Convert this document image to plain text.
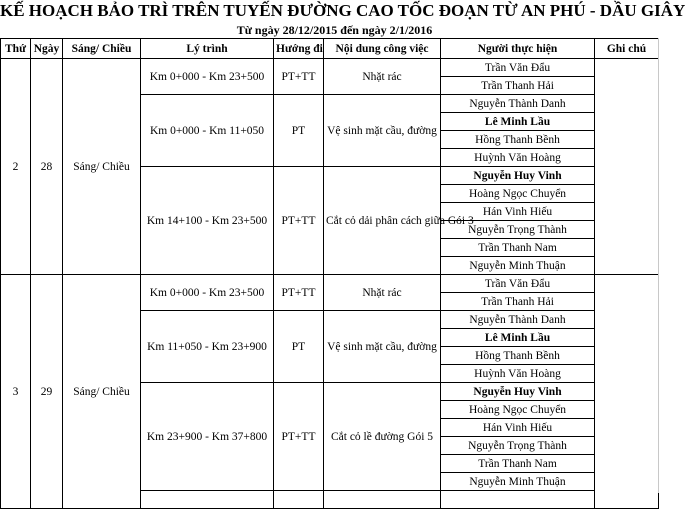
KẾ HOẠCH BẢO TRÌ TRÊN TUYẾN ĐƯỜNG CAO TỐC ĐOẠN TỪ AN PHÚ - DẦU GIÂY
Từ ngày 28/12/2015 đến ngày 2/1/2016
Thứ	Ngày	Sáng/ Chiều	Lý trình	Hướng đi	Nội dung công việc	Người thực hiện	Ghi chú
2	28	Sáng/ Chiều	Km 0+000 - Km 23+500	PT+TT	Nhặt rác	Trần Văn Đẩu	
						Trần Thanh Hải	
			Km 0+000 - Km 11+050	PT	Vệ sinh mặt cầu, đường	Nguyễn Thành Danh	
						Lê Minh Lầu	
						Hồng Thanh Bềnh	
						Huỳnh Văn Hoàng	
			Km 14+100 - Km 23+500	PT+TT	Cắt cỏ dải phân cách giữa Gói 3	Nguyễn Huy Vinh	
						Hoàng Ngọc Chuyển	
						Hán Vinh Hiếu	
						Nguyễn Trọng Thành	
						Trần Thanh Nam	
						Nguyễn Minh Thuận	
3	29	Sáng/ Chiều	Km 0+000 - Km 23+500	PT+TT	Nhặt rác	Trần Văn Đẩu	
						Trần Thanh Hải	
			Km 11+050 - Km 23+900	PT	Vệ sinh mặt cầu, đường	Nguyễn Thành Danh	
						Lê Minh Lầu	
						Hồng Thanh Bềnh	
						Huỳnh Văn Hoàng	
			Km 23+900 - Km 37+800	PT+TT	Cắt cỏ lề đường Gói 5	Nguyễn Huy Vinh	
						Hoàng Ngọc Chuyển	
						Hán Vinh Hiếu	
						Nguyễn Trọng Thành	
						Trần Thanh Nam	
						Nguyễn Minh Thuận	
